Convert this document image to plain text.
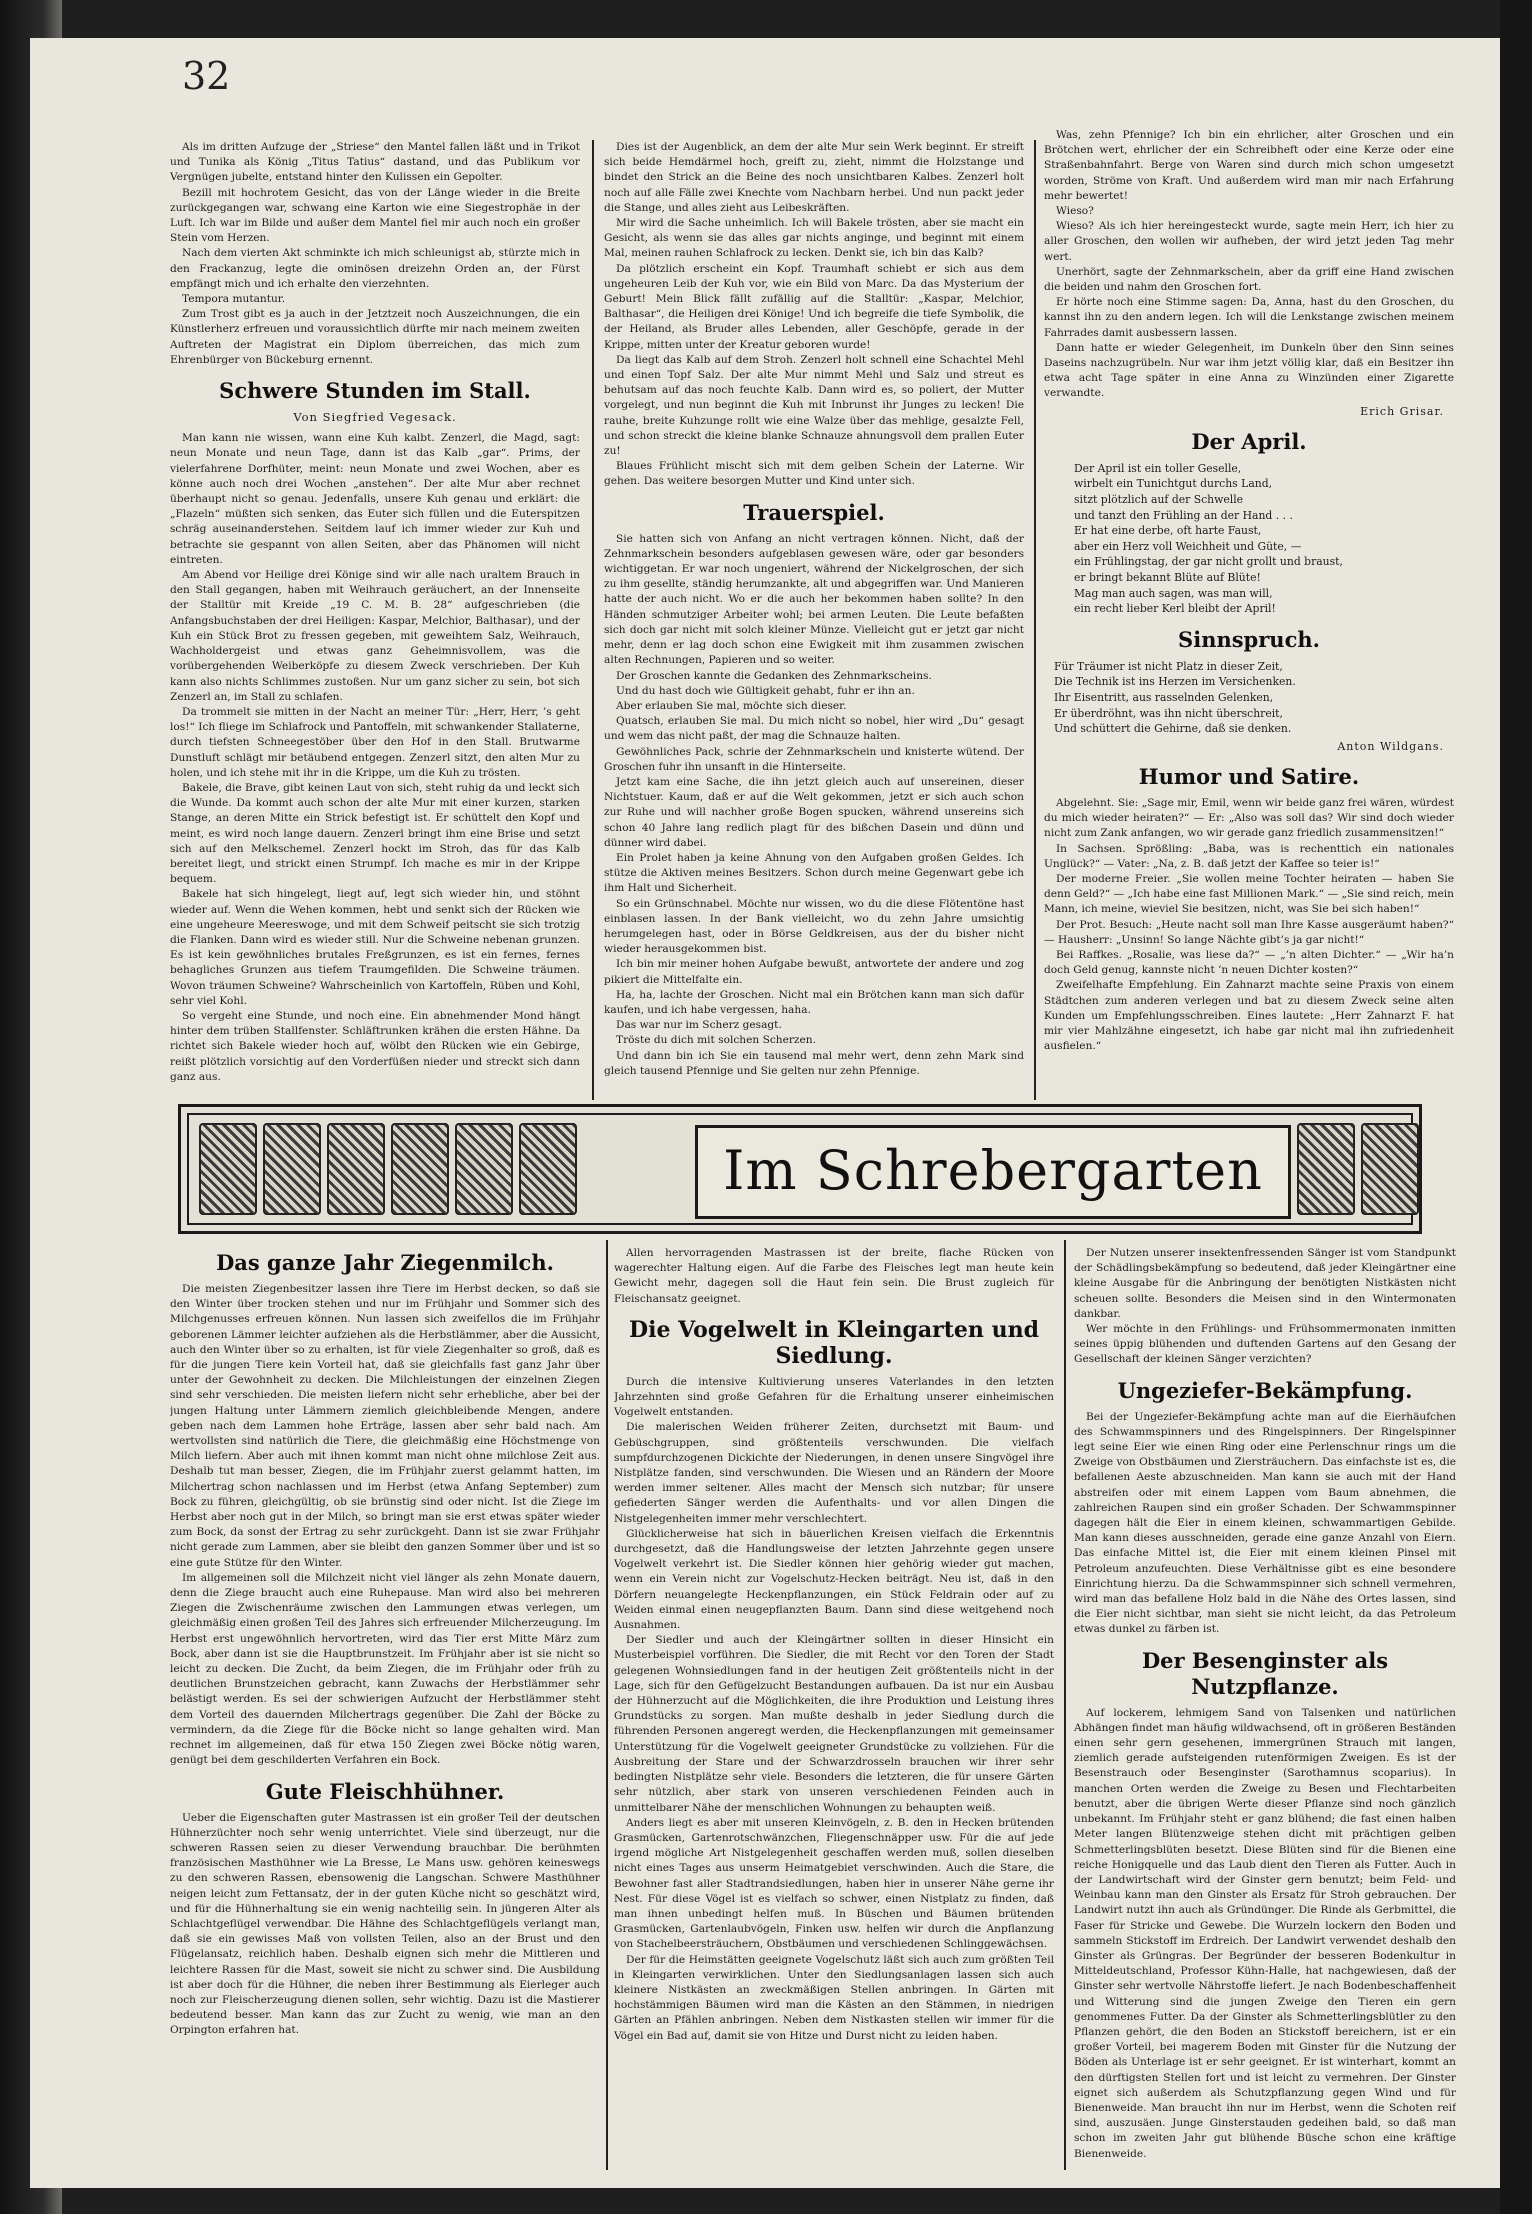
32

Als im dritten Aufzuge der „Striese“ den Mantel fallen läßt und in Trikot und Tunika als König „Titus Tatius“ dastand, und das Publikum vor Vergnügen jubelte, entstand hinter den Kulissen ein Gepolter.

Bezill mit hochrotem Gesicht, das von der Länge wieder in die Breite zurückgegangen war, schwang eine Karton wie eine Siegestrophäe in der Luft. Ich war im Bilde und außer dem Mantel fiel mir auch noch ein großer Stein vom Herzen.

Nach dem vierten Akt schminkte ich mich schleunigst ab, stürzte mich in den Frackanzug, legte die ominösen dreizehn Orden an, der Fürst empfängt mich und ich erhalte den vierzehnten.

Tempora mutantur.

Zum Trost gibt es ja auch in der Jetztzeit noch Auszeichnungen, die ein Künstlerherz erfreuen und voraussichtlich dürfte mir nach meinem zweiten Auftreten der Magistrat ein Diplom überreichen, das mich zum Ehrenbürger von Bückeburg ernennt.

Schwere Stunden im Stall.
Von Siegfried Vegesack.

Man kann nie wissen, wann eine Kuh kalbt. Zenzerl, die Magd, sagt: neun Monate und neun Tage, dann ist das Kalb „gar“. Prims, der vielerfahrene Dorfhüter, meint: neun Monate und zwei Wochen, aber es könne auch noch drei Wochen „anstehen“. Der alte Mur aber rechnet überhaupt nicht so genau. Jedenfalls, unsere Kuh genau und erklärt: die „Flazeln“ müßten sich senken, das Euter sich füllen und die Euterspitzen schräg auseinanderstehen. Seitdem lauf ich immer wieder zur Kuh und betrachte sie gespannt von allen Seiten, aber das Phänomen will nicht eintreten.

Am Abend vor Heilige drei Könige sind wir alle nach uraltem Brauch in den Stall gegangen, haben mit Weihrauch geräuchert, an der Innenseite der Stalltür mit Kreide „19 C. M. B. 28“ aufgeschrieben (die Anfangsbuchstaben der drei Heiligen: Kaspar, Melchior, Balthasar), und der Kuh ein Stück Brot zu fressen gegeben, mit geweihtem Salz, Weihrauch, Wachholdergeist und etwas ganz Geheimnisvollem, was die vorübergehenden Weiberköpfe zu diesem Zweck verschrieben. Der Kuh kann also nichts Schlimmes zustoßen. Nur um ganz sicher zu sein, bot sich Zenzerl an, im Stall zu schlafen.

Da trommelt sie mitten in der Nacht an meiner Tür: „Herr, Herr, ’s geht los!“ Ich fliege im Schlafrock und Pantoffeln, mit schwankender Stallaterne, durch tiefsten Schneegestöber über den Hof in den Stall. Brutwarme Dunstluft schlägt mir betäubend entgegen. Zenzerl sitzt, den alten Mur zu holen, und ich stehe mit ihr in die Krippe, um die Kuh zu trösten.

Bakele, die Brave, gibt keinen Laut von sich, steht ruhig da und leckt sich die Wunde. Da kommt auch schon der alte Mur mit einer kurzen, starken Stange, an deren Mitte ein Strick befestigt ist. Er schüttelt den Kopf und meint, es wird noch lange dauern. Zenzerl bringt ihm eine Brise und setzt sich auf den Melkschemel. Zenzerl hockt im Stroh, das für das Kalb bereitet liegt, und strickt einen Strumpf. Ich mache es mir in der Krippe bequem.

Bakele hat sich hingelegt, liegt auf, legt sich wieder hin, und stöhnt wieder auf. Wenn die Wehen kommen, hebt und senkt sich der Rücken wie eine ungeheure Meereswoge, und mit dem Schweif peitscht sie sich trotzig die Flanken. Dann wird es wieder still. Nur die Schweine nebenan grunzen. Es ist kein gewöhnliches brutales Freßgrunzen, es ist ein fernes, fernes behagliches Grunzen aus tiefem Traumgefilden. Die Schweine träumen. Wovon träumen Schweine? Wahrscheinlich von Kartoffeln, Rüben und Kohl, sehr viel Kohl.

So vergeht eine Stunde, und noch eine. Ein abnehmender Mond hängt hinter dem trüben Stallfenster. Schläftrunken krähen die ersten Hähne. Da richtet sich Bakele wieder hoch auf, wölbt den Rücken wie ein Gebirge, reißt plötzlich vorsichtig auf den Vorderfüßen nieder und streckt sich dann ganz aus.

Dies ist der Augenblick, an dem der alte Mur sein Werk beginnt. Er streift sich beide Hemdärmel hoch, greift zu, zieht, nimmt die Holzstange und bindet den Strick an die Beine des noch unsichtbaren Kalbes. Zenzerl holt noch auf alle Fälle zwei Knechte vom Nachbarn herbei. Und nun packt jeder die Stange, und alles zieht aus Leibeskräften.

Mir wird die Sache unheimlich. Ich will Bakele trösten, aber sie macht ein Gesicht, als wenn sie das alles gar nichts anginge, und beginnt mit einem Mal, meinen rauhen Schlafrock zu lecken. Denkt sie, ich bin das Kalb?

Da plötzlich erscheint ein Kopf. Traumhaft schiebt er sich aus dem ungeheuren Leib der Kuh vor, wie ein Bild von Marc. Da das Mysterium der Geburt! Mein Blick fällt zufällig auf die Stalltür: „Kaspar, Melchior, Balthasar“, die Heiligen drei Könige! Und ich begreife die tiefe Symbolik, die der Heiland, als Bruder alles Lebenden, aller Geschöpfe, gerade in der Krippe, mitten unter der Kreatur geboren wurde!

Da liegt das Kalb auf dem Stroh. Zenzerl holt schnell eine Schachtel Mehl und einen Topf Salz. Der alte Mur nimmt Mehl und Salz und streut es behutsam auf das noch feuchte Kalb. Dann wird es, so poliert, der Mutter vorgelegt, und nun beginnt die Kuh mit Inbrunst ihr Junges zu lecken! Die rauhe, breite Kuhzunge rollt wie eine Walze über das mehlige, gesalzte Fell, und schon streckt die kleine blanke Schnauze ahnungsvoll dem prallen Euter zu!

Blaues Frühlicht mischt sich mit dem gelben Schein der Laterne. Wir gehen. Das weitere besorgen Mutter und Kind unter sich.

Trauerspiel.

Sie hatten sich von Anfang an nicht vertragen können. Nicht, daß der Zehnmarkschein besonders aufgeblasen gewesen wäre, oder gar besonders wichtiggetan. Er war noch ungeniert, während der Nickelgroschen, der sich zu ihm gesellte, ständig herumzankte, alt und abgegriffen war. Und Manieren hatte der auch nicht. Wo er die auch her bekommen haben sollte? In den Händen schmutziger Arbeiter wohl; bei armen Leuten. Die Leute befaßten sich doch gar nicht mit solch kleiner Münze. Vielleicht gut er jetzt gar nicht mehr, denn er lag doch schon eine Ewigkeit mit ihm zusammen zwischen alten Rechnungen, Papieren und so weiter.

Der Groschen kannte die Gedanken des Zehnmarkscheins.

Und du hast doch wie Gültigkeit gehabt, fuhr er ihn an.

Aber erlauben Sie mal, möchte sich dieser.

Quatsch, erlauben Sie mal. Du mich nicht so nobel, hier wird „Du“ gesagt und wem das nicht paßt, der mag die Schnauze halten.

Gewöhnliches Pack, schrie der Zehnmarkschein und knisterte wütend. Der Groschen fuhr ihn unsanft in die Hinterseite.

Jetzt kam eine Sache, die ihn jetzt gleich auch auf unsereinen, dieser Nichtstuer. Kaum, daß er auf die Welt gekommen, jetzt er sich auch schon zur Ruhe und will nachher große Bogen spucken, während unsereins sich schon 40 Jahre lang redlich plagt für des bißchen Dasein und dünn und dünner wird dabei.

Ein Prolet haben ja keine Ahnung von den Aufgaben großen Geldes. Ich stütze die Aktiven meines Besitzers. Schon durch meine Gegenwart gebe ich ihm Halt und Sicherheit.

So ein Grünschnabel. Möchte nur wissen, wo du die diese Flötentöne hast einblasen lassen. In der Bank vielleicht, wo du zehn Jahre umsichtig herumgelegen hast, oder in Börse Geldkreisen, aus der du bisher nicht wieder herausgekommen bist.

Ich bin mir meiner hohen Aufgabe bewußt, antwortete der andere und zog pikiert die Mittelfalte ein.

Ha, ha, lachte der Groschen. Nicht mal ein Brötchen kann man sich dafür kaufen, und ich habe vergessen, haha.

Das war nur im Scherz gesagt.

Tröste du dich mit solchen Scherzen.

Und dann bin ich Sie ein tausend mal mehr wert, denn zehn Mark sind gleich tausend Pfennige und Sie gelten nur zehn Pfennige.

Was, zehn Pfennige? Ich bin ein ehrlicher, alter Groschen und ein Brötchen wert, ehrlicher der ein Schreibheft oder eine Kerze oder eine Straßenbahnfahrt. Berge von Waren sind durch mich schon umgesetzt worden, Ströme von Kraft. Und außerdem wird man mir nach Erfahrung mehr bewertet!

Wieso?

Wieso? Als ich hier hereingesteckt wurde, sagte mein Herr, ich hier zu aller Groschen, den wollen wir aufheben, der wird jetzt jeden Tag mehr wert.

Unerhört, sagte der Zehnmarkschein, aber da griff eine Hand zwischen die beiden und nahm den Groschen fort.

Er hörte noch eine Stimme sagen: Da, Anna, hast du den Groschen, du kannst ihn zu den andern legen. Ich will die Lenkstange zwischen meinem Fahrrades damit ausbessern lassen.

Dann hatte er wieder Gelegenheit, im Dunkeln über den Sinn seines Daseins nachzugrübeln. Nur war ihm jetzt völlig klar, daß ein Besitzer ihn etwa acht Tage später in eine Anna zu Winzünden einer Zigarette verwandte.

Erich Grisar.
Der April.
Der April ist ein toller Geselle,
wirbelt ein Tunichtgut durchs Land,
sitzt plötzlich auf der Schwelle
und tanzt den Frühling an der Hand . . .
Er hat eine derbe, oft harte Faust,
aber ein Herz voll Weichheit und Güte, —
ein Frühlingstag, der gar nicht grollt und braust,
er bringt bekannt Blüte auf Blüte!
Mag man auch sagen, was man will,
ein recht lieber Kerl bleibt der April!
Sinnspruch.
Für Träumer ist nicht Platz in dieser Zeit,
Die Technik ist ins Herzen im Versichenken.
Ihr Eisentritt, aus rasselnden Gelenken,
Er überdröhnt, was ihn nicht überschreit,
Und schüttert die Gehirne, daß sie denken.
Anton Wildgans.
Humor und Satire.

Abgelehnt. Sie: „Sage mir, Emil, wenn wir beide ganz frei wären, würdest du mich wieder heiraten?“ — Er: „Also was soll das? Wir sind doch wieder nicht zum Zank anfangen, wo wir gerade ganz friedlich zusammensitzen!“

In Sachsen. Sprößling: „Baba, was is rechenttich ein nationales Unglück?“ — Vater: „Na, z. B. daß jetzt der Kaffee so teier is!“

Der moderne Freier. „Sie wollen meine Tochter heiraten — haben Sie denn Geld?“ — „Ich habe eine fast Millionen Mark.“ — „Sie sind reich, mein Mann, ich meine, wieviel Sie besitzen, nicht, was Sie bei sich haben!“

Der Prot. Besuch: „Heute nacht soll man Ihre Kasse ausgeräumt haben?“ — Hausherr: „Unsinn! So lange Nächte gibt’s ja gar nicht!“

Bei Raffkes. „Rosalie, was liese da?“ — „’n alten Dichter.“ — „Wir ha’n doch Geld genug, kannste nicht ’n neuen Dichter kosten?“

Zweifelhafte Empfehlung. Ein Zahnarzt machte seine Praxis von einem Städtchen zum anderen verlegen und bat zu diesem Zweck seine alten Kunden um Empfehlungsschreiben. Eines lautete: „Herr Zahnarzt F. hat mir vier Mahlzähne eingesetzt, ich habe gar nicht mal ihn zufriedenheit ausfielen.“

Im Schrebergarten
Das ganze Jahr Ziegenmilch.

Die meisten Ziegenbesitzer lassen ihre Tiere im Herbst decken, so daß sie den Winter über trocken stehen und nur im Frühjahr und Sommer sich des Milchgenusses erfreuen können. Nun lassen sich zweifellos die im Frühjahr geborenen Lämmer leichter aufziehen als die Herbstlämmer, aber die Aussicht, auch den Winter über so zu erhalten, ist für viele Ziegenhalter so groß, daß es für die jungen Tiere kein Vorteil hat, daß sie gleichfalls fast ganz Jahr über unter der Gewohnheit zu decken. Die Milchleistungen der einzelnen Ziegen sind sehr verschieden. Die meisten liefern nicht sehr erhebliche, aber bei der jungen Haltung unter Lämmern ziemlich gleichbleibende Mengen, andere geben nach dem Lammen hohe Erträge, lassen aber sehr bald nach. Am wertvollsten sind natürlich die Tiere, die gleichmäßig eine Höchstmenge von Milch liefern. Aber auch mit ihnen kommt man nicht ohne milchlose Zeit aus. Deshalb tut man besser, Ziegen, die im Frühjahr zuerst gelammt hatten, im Milchertrag schon nachlassen und im Herbst (etwa Anfang September) zum Bock zu führen, gleichgültig, ob sie brünstig sind oder nicht. Ist die Ziege im Herbst aber noch gut in der Milch, so bringt man sie erst etwas später wieder zum Bock, da sonst der Ertrag zu sehr zurückgeht. Dann ist sie zwar Frühjahr nicht gerade zum Lammen, aber sie bleibt den ganzen Sommer über und ist so eine gute Stütze für den Winter.

Im allgemeinen soll die Milchzeit nicht viel länger als zehn Monate dauern, denn die Ziege braucht auch eine Ruhepause. Man wird also bei mehreren Ziegen die Zwischenräume zwischen den Lammungen etwas verlegen, um gleichmäßig einen großen Teil des Jahres sich erfreuender Milcherzeugung. Im Herbst erst ungewöhnlich hervortreten, wird das Tier erst Mitte März zum Bock, aber dann ist sie die Hauptbrunstzeit. Im Frühjahr aber ist sie nicht so leicht zu decken. Die Zucht, da beim Ziegen, die im Frühjahr oder früh zu deutlichen Brunstzeichen gebracht, kann Zuwachs der Herbstlämmer sehr belästigt werden. Es sei der schwierigen Aufzucht der Herbstlämmer steht dem Vorteil des dauernden Milchertrags gegenüber. Die Zahl der Böcke zu vermindern, da die Ziege für die Böcke nicht so lange gehalten wird. Man rechnet im allgemeinen, daß für etwa 150 Ziegen zwei Böcke nötig waren, genügt bei dem geschilderten Verfahren ein Bock.

Gute Fleischhühner.

Ueber die Eigenschaften guter Mastrassen ist ein großer Teil der deutschen Hühnerzüchter noch sehr wenig unterrichtet. Viele sind überzeugt, nur die schweren Rassen seien zu dieser Verwendung brauchbar. Die berühmten französischen Masthühner wie La Bresse, Le Mans usw. gehören keineswegs zu den schweren Rassen, ebensowenig die Langschan. Schwere Masthühner neigen leicht zum Fettansatz, der in der guten Küche nicht so geschätzt wird, und für die Hühnerhaltung sie ein wenig nachteilig sein. In jüngeren Alter als Schlachtgeflügel verwendbar. Die Hähne des Schlachtgeflügels verlangt man, daß sie ein gewisses Maß von vollsten Teilen, also an der Brust und den Flügelansatz, reichlich haben. Deshalb eignen sich mehr die Mittleren und leichtere Rassen für die Mast, soweit sie nicht zu schwer sind. Die Ausbildung ist aber doch für die Hühner, die neben ihrer Bestimmung als Eierleger auch noch zur Fleischerzeugung dienen sollen, sehr wichtig. Dazu ist die Mastierer bedeutend besser. Man kann das zur Zucht zu wenig, wie man an den Orpington erfahren hat.

Allen hervorragenden Mastrassen ist der breite, flache Rücken von wagerechter Haltung eigen. Auf die Farbe des Fleisches legt man heute kein Gewicht mehr, dagegen soll die Haut fein sein. Die Brust zugleich für Fleischansatz geeignet.

Die Vogelwelt in Kleingarten und Siedlung.

Durch die intensive Kultivierung unseres Vaterlandes in den letzten Jahrzehnten sind große Gefahren für die Erhaltung unserer einheimischen Vogelwelt entstanden.

Die malerischen Weiden früherer Zeiten, durchsetzt mit Baum- und Gebüschgruppen, sind größtenteils verschwunden. Die vielfach sumpfdurchzogenen Dickichte der Niederungen, in denen unsere Singvögel ihre Nistplätze fanden, sind verschwunden. Die Wiesen und an Rändern der Moore werden immer seltener. Alles macht der Mensch sich nutzbar; für unsere gefiederten Sänger werden die Aufenthalts- und vor allen Dingen die Nistgelegenheiten immer mehr verschlechtert.

Glücklicherweise hat sich in bäuerlichen Kreisen vielfach die Erkenntnis durchgesetzt, daß die Handlungsweise der letzten Jahrzehnte gegen unsere Vogelwelt verkehrt ist. Die Siedler können hier gehörig wieder gut machen, wenn ein Verein nicht zur Vogelschutz-Hecken beiträgt. Neu ist, daß in den Dörfern neuangelegte Heckenpflanzungen, ein Stück Feldrain oder auf zu Weiden einmal einen neugepflanzten Baum. Dann sind diese weitgehend noch Ausnahmen.

Der Siedler und auch der Kleingärtner sollten in dieser Hinsicht ein Musterbeispiel vorführen. Die Siedler, die mit Recht vor den Toren der Stadt gelegenen Wohnsiedlungen fand in der heutigen Zeit größtenteils nicht in der Lage, sich für den Gefügelzucht Bestandungen aufbauen. Da ist nur ein Ausbau der Hühnerzucht auf die Möglichkeiten, die ihre Produktion und Leistung ihres Grundstücks zu sorgen. Man mußte deshalb in jeder Siedlung durch die führenden Personen angeregt werden, die Heckenpflanzungen mit gemeinsamer Unterstützung für die Vogelwelt geeigneter Grundstücke zu vollziehen. Für die Ausbreitung der Stare und der Schwarzdrosseln brauchen wir ihrer sehr bedingten Nistplätze sehr viele. Besonders die letzteren, die für unsere Gärten sehr nützlich, aber stark von unseren verschiedenen Feinden auch in unmittelbarer Nähe der menschlichen Wohnungen zu behaupten weiß.

Anders liegt es aber mit unseren Kleinvögeln, z. B. den in Hecken brütenden Grasmücken, Gartenrotschwänzchen, Fliegenschnäpper usw. Für die auf jede irgend mögliche Art Nistgelegenheit geschaffen werden muß, sollen dieselben nicht eines Tages aus unserm Heimatgebiet verschwinden. Auch die Stare, die Bewohner fast aller Stadtrandsiedlungen, haben hier in unserer Nähe gerne ihr Nest. Für diese Vögel ist es vielfach so schwer, einen Nistplatz zu finden, daß man ihnen unbedingt helfen muß. In Büschen und Bäumen brütenden Grasmücken, Gartenlaubvögeln, Finken usw. helfen wir durch die Anpflanzung von Stachelbeersträuchern, Obstbäumen und verschiedenen Schlinggewächsen.

Der für die Heimstätten geeignete Vogelschutz läßt sich auch zum größten Teil in Kleingarten verwirklichen. Unter den Siedlungsanlagen lassen sich auch kleinere Nistkästen an zweckmäßigen Stellen anbringen. In Gärten mit hochstämmigen Bäumen wird man die Kästen an den Stämmen, in niedrigen Gärten an Pfählen anbringen. Neben dem Nistkasten stellen wir immer für die Vögel ein Bad auf, damit sie von Hitze und Durst nicht zu leiden haben.

Der Nutzen unserer insektenfressenden Sänger ist vom Standpunkt der Schädlingsbekämpfung so bedeutend, daß jeder Kleingärtner eine kleine Ausgabe für die Anbringung der benötigten Nistkästen nicht scheuen sollte. Besonders die Meisen sind in den Wintermonaten dankbar.

Wer möchte in den Frühlings- und Frühsommermonaten inmitten seines üppig blühenden und duftenden Gartens auf den Gesang der Gesellschaft der kleinen Sänger verzichten?

Ungeziefer-Bekämpfung.

Bei der Ungeziefer-Bekämpfung achte man auf die Eierhäufchen des Schwammspinners und des Ringelspinners. Der Ringelspinner legt seine Eier wie einen Ring oder eine Perlenschnur rings um die Zweige von Obstbäumen und Ziersträuchern. Das einfachste ist es, die befallenen Aeste abzuschneiden. Man kann sie auch mit der Hand abstreifen oder mit einem Lappen vom Baum abnehmen, die zahlreichen Raupen sind ein großer Schaden. Der Schwammspinner dagegen hält die Eier in einem kleinen, schwammartigen Gebilde. Man kann dieses ausschneiden, gerade eine ganze Anzahl von Eiern. Das einfache Mittel ist, die Eier mit einem kleinen Pinsel mit Petroleum anzufeuchten. Diese Verhältnisse gibt es eine besondere Einrichtung hierzu. Da die Schwammspinner sich schnell vermehren, wird man das befallene Holz bald in die Nähe des Ortes lassen, sind die Eier nicht sichtbar, man sieht sie nicht leicht, da das Petroleum etwas dunkel zu färben ist.

Der Besenginster als Nutzpflanze.

Auf lockerem, lehmigem Sand von Talsenken und natürlichen Abhängen findet man häufig wildwachsend, oft in größeren Beständen einen sehr gern gesehenen, immergrünen Strauch mit langen, ziemlich gerade aufsteigenden rutenförmigen Zweigen. Es ist der Besenstrauch oder Besenginster (Sarothamnus scoparius). In manchen Orten werden die Zweige zu Besen und Flechtarbeiten benutzt, aber die übrigen Werte dieser Pflanze sind noch gänzlich unbekannt. Im Frühjahr steht er ganz blühend; die fast einen halben Meter langen Blütenzweige stehen dicht mit prächtigen gelben Schmetterlingsblüten besetzt. Diese Blüten sind für die Bienen eine reiche Honigquelle und das Laub dient den Tieren als Futter. Auch in der Landwirtschaft wird der Ginster gern benutzt; beim Feld- und Weinbau kann man den Ginster als Ersatz für Stroh gebrauchen. Der Landwirt nutzt ihn auch als Gründünger. Die Rinde als Gerbmittel, die Faser für Stricke und Gewebe. Die Wurzeln lockern den Boden und sammeln Stickstoff im Erdreich. Der Landwirt verwendet deshalb den Ginster als Grüngras. Der Begründer der besseren Bodenkultur in Mitteldeutschland, Professor Kühn-Halle, hat nachgewiesen, daß der Ginster sehr wertvolle Nährstoffe liefert. Je nach Bodenbeschaffenheit und Witterung sind die jungen Zweige den Tieren ein gern genommenes Futter. Da der Ginster als Schmetterlingsblütler zu den Pflanzen gehört, die den Boden an Stickstoff bereichern, ist er ein großer Vorteil, bei magerem Boden mit Ginster für die Nutzung der Böden als Unterlage ist er sehr geeignet. Er ist winterhart, kommt an den dürftigsten Stellen fort und ist leicht zu vermehren. Der Ginster eignet sich außerdem als Schutzpflanzung gegen Wind und für Bienenweide. Man braucht ihn nur im Herbst, wenn die Schoten reif sind, auszusäen. Junge Ginsterstauden gedeihen bald, so daß man schon im zweiten Jahr gut blühende Büsche schon eine kräftige Bienenweide.
